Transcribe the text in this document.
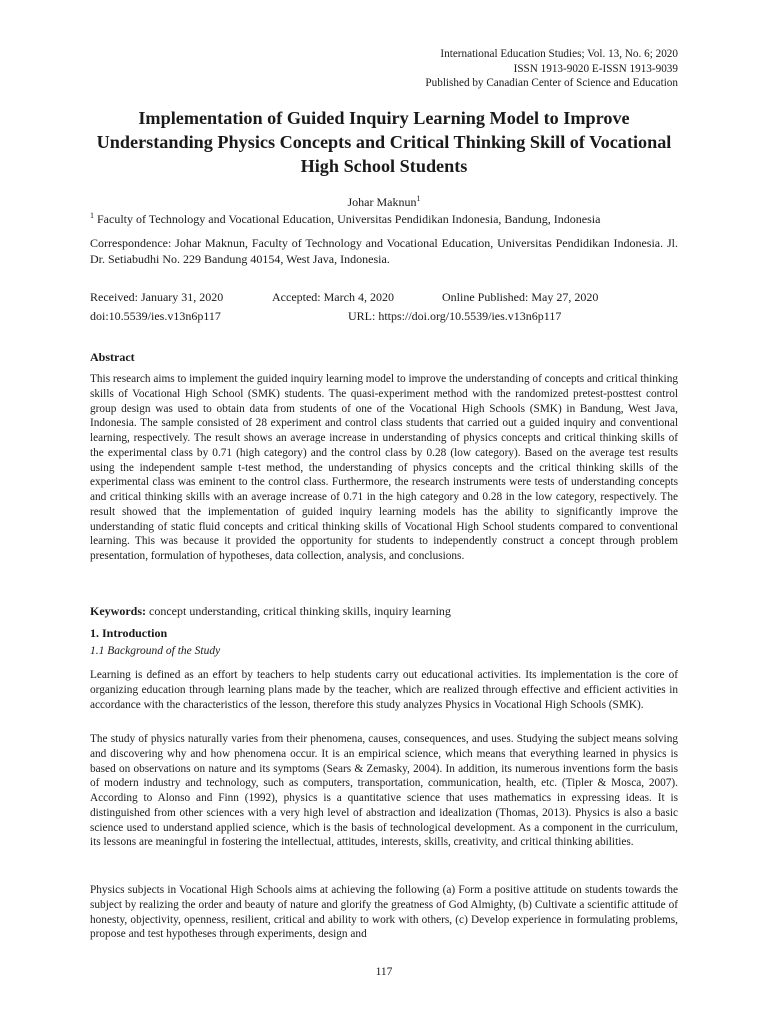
International Education Studies; Vol. 13, No. 6; 2020
ISSN 1913-9020 E-ISSN 1913-9039
Published by Canadian Center of Science and Education
Implementation of Guided Inquiry Learning Model to Improve Understanding Physics Concepts and Critical Thinking Skill of Vocational High School Students
Johar Maknun$^1$
$^1$ Faculty of Technology and Vocational Education, Universitas Pendidikan Indonesia, Bandung, Indonesia
Correspondence: Johar Maknun, Faculty of Technology and Vocational Education, Universitas Pendidikan Indonesia. Jl. Dr. Setiabudhi No. 229 Bandung 40154, West Java, Indonesia.
Received: January 31, 2020	Accepted: March 4, 2020	Online Published: May 27, 2020
doi:10.5539/ies.v13n6p117	URL: https://doi.org/10.5539/ies.v13n6p117
Abstract
This research aims to implement the guided inquiry learning model to improve the understanding of concepts and critical thinking skills of Vocational High School (SMK) students. The quasi-experiment method with the randomized pretest-posttest control group design was used to obtain data from students of one of the Vocational High Schools (SMK) in Bandung, West Java, Indonesia. The sample consisted of 28 experiment and control class students that carried out a guided inquiry and conventional learning, respectively. The result shows an average increase in understanding of physics concepts and critical thinking skills of the experimental class by 0.71 (high category) and the control class by 0.28 (low category). Based on the average test results using the independent sample t-test method, the understanding of physics concepts and the critical thinking skills of the experimental class was eminent to the control class. Furthermore, the research instruments were tests of understanding concepts and critical thinking skills with an average increase of 0.71 in the high category and 0.28 in the low category, respectively. The result showed that the implementation of guided inquiry learning models has the ability to significantly improve the understanding of static fluid concepts and critical thinking skills of Vocational High School students compared to conventional learning. This was because it provided the opportunity for students to independently construct a concept through problem presentation, formulation of hypotheses, data collection, analysis, and conclusions.
Keywords: concept understanding, critical thinking skills, inquiry learning
1. Introduction
1.1 Background of the Study
Learning is defined as an effort by teachers to help students carry out educational activities. Its implementation is the core of organizing education through learning plans made by the teacher, which are realized through effective and efficient activities in accordance with the characteristics of the lesson, therefore this study analyzes Physics in Vocational High Schools (SMK).
The study of physics naturally varies from their phenomena, causes, consequences, and uses. Studying the subject means solving and discovering why and how phenomena occur. It is an empirical science, which means that everything learned in physics is based on observations on nature and its symptoms (Sears & Zemasky, 2004). In addition, its numerous inventions form the basis of modern industry and technology, such as computers, transportation, communication, health, etc. (Tipler & Mosca, 2007). According to Alonso and Finn (1992), physics is a quantitative science that uses mathematics in expressing ideas. It is distinguished from other sciences with a very high level of abstraction and idealization (Thomas, 2013). Physics is also a basic science used to understand applied science, which is the basis of technological development. As a component in the curriculum, its lessons are meaningful in fostering the intellectual, attitudes, interests, skills, creativity, and critical thinking abilities.
Physics subjects in Vocational High Schools aims at achieving the following (a) Form a positive attitude on students towards the subject by realizing the order and beauty of nature and glorify the greatness of God Almighty, (b) Cultivate a scientific attitude of honesty, objectivity, openness, resilient, critical and ability to work with others, (c) Develop experience in formulating problems, propose and test hypotheses through experiments, design and
117
